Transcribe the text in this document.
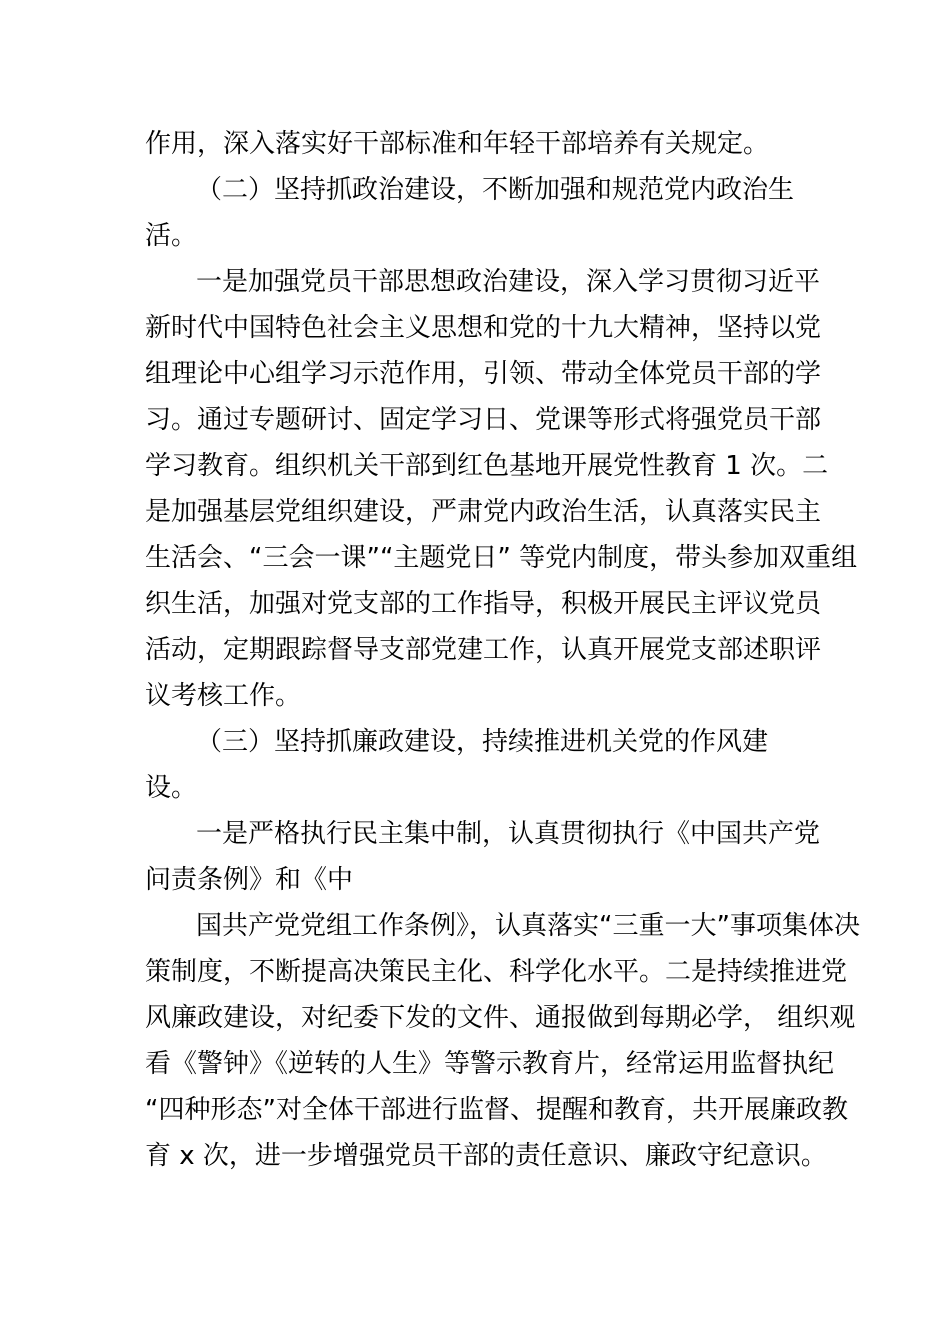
作用，深入落实好干部标准和年轻干部培养有关规定。

（二）坚持抓政治建设，不断加强和规范党内政治生

活。

一是加强党员干部思想政治建设，深入学习贯彻习近平

新时代中国特色社会主义思想和党的十九大精神，坚持以党

组理论中心组学习示范作用，引领、带动全体党员干部的学

习。通过专题研讨、固定学习日、党课等形式将强党员干部

学习教育。组织机关干部到红色基地开展党性教育 1 次。二

是加强基层党组织建设，严肃党内政治生活，认真落实民主

生活会、“三会一课”“主题党日” 等党内制度，带头参加双重组

织生活，加强对党支部的工作指导，积极开展民主评议党员

活动，定期跟踪督导支部党建工作，认真开展党支部述职评

议考核工作。

（三）坚持抓廉政建设，持续推进机关党的作风建

设。

一是严格执行民主集中制，认真贯彻执行《中国共产党

问责条例》和《中

国共产党党组工作条例》，认真落实“三重一大”事项集体决

策制度，不断提高决策民主化、科学化水平。二是持续推进党

风廉政建设，对纪委下发的文件、通报做到每期必学， 组织观

看《警钟》《逆转的人生》等警示教育片，经常运用监督执纪

“四种形态”对全体干部进行监督、提醒和教育，共开展廉政教

育 x 次，进一步增强党员干部的责任意识、廉政守纪意识。
